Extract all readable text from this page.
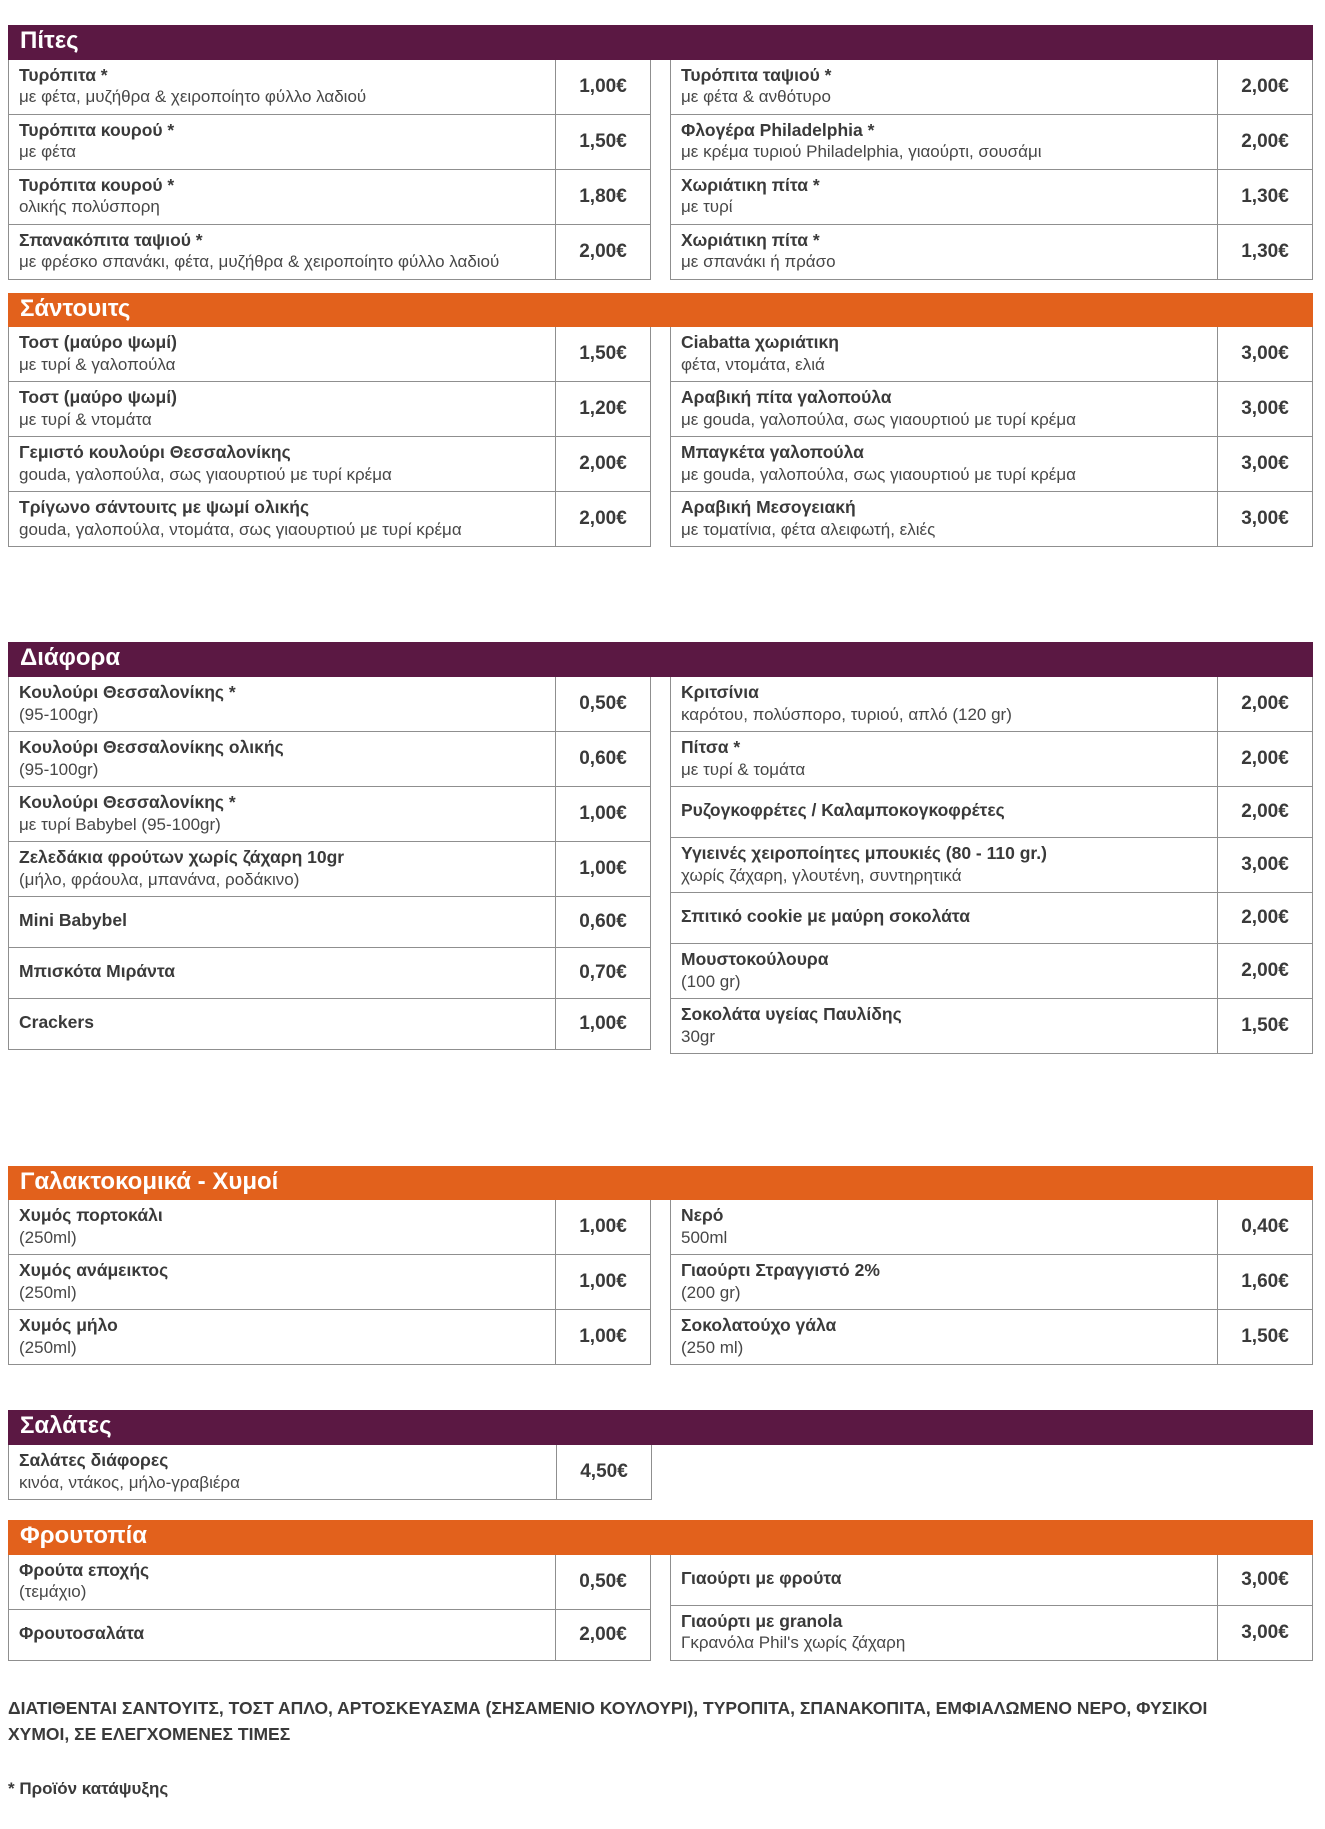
Πίτες
Τυρόπιτα *
με φέτα, μυζήθρα & χειροποίητο φύλλο λαδιού
1,00€
Τυρόπιτα κουρού *
με φέτα
1,50€
Τυρόπιτα κουρού *
ολικής πολύσπορη
1,80€
Σπανακόπιτα ταψιού *
με φρέσκο σπανάκι, φέτα, μυζήθρα & χειροποίητο φύλλο λαδιού
2,00€
Τυρόπιτα ταψιού *
με φέτα & ανθότυρο
2,00€
Φλογέρα Philadelphia *
με κρέμα τυριού Philadelphia, γιαούρτι, σουσάμι
2,00€
Χωριάτικη πίτα *
με τυρί
1,30€
Χωριάτικη πίτα *
με σπανάκι ή πράσο
1,30€
Σάντουιτς
Τοστ (μαύρο ψωμί)
με τυρί & γαλοπούλα
1,50€
Τοστ (μαύρο ψωμί)
με τυρί & ντομάτα
1,20€
Γεμιστό κουλούρι Θεσσαλονίκης
gouda, γαλοπούλα, σως γιαουρτιού με τυρί κρέμα
2,00€
Τρίγωνο σάντουιτς με ψωμί ολικής
gouda, γαλοπούλα, ντομάτα, σως γιαουρτιού με τυρί κρέμα
2,00€
Ciabatta χωριάτικη
φέτα, ντομάτα, ελιά
3,00€
Αραβική πίτα γαλοπούλα
με gouda, γαλοπούλα, σως γιαουρτιού με τυρί κρέμα
3,00€
Μπαγκέτα γαλοπούλα
με gouda, γαλοπούλα, σως γιαουρτιού με τυρί κρέμα
3,00€
Αραβική Μεσογειακή
με τοματίνια, φέτα αλειφωτή, ελιές
3,00€
Διάφορα
Κουλούρι Θεσσαλονίκης *
(95-100gr)
0,50€
Κουλούρι Θεσσαλονίκης ολικής
(95-100gr)
0,60€
Κουλούρι Θεσσαλονίκης *
με τυρί Babybel (95-100gr)
1,00€
Ζελεδάκια φρούτων χωρίς ζάχαρη 10gr
(μήλο, φράουλα, μπανάνα, ροδάκινο)
1,00€
Mini Babybel	0,60€
Μπισκότα Μιράντα	0,70€
Crackers	1,00€
Κριτσίνια
καρότου, πολύσπορο, τυριού, απλό (120 gr)
2,00€
Πίτσα *
με τυρί & τομάτα
2,00€
Ρυζογκοφρέτες / Καλαμποκογκοφρέτες	2,00€
Υγιεινές χειροποίητες μπουκιές (80 - 110 gr.)
χωρίς ζάχαρη, γλουτένη, συντηρητικά
3,00€
Σπιτικό cookie με μαύρη σοκολάτα	2,00€
Μουστοκούλουρα
(100 gr)
2,00€
Σοκολάτα υγείας Παυλίδης
30gr
1,50€
Γαλακτοκομικά - Χυμοί
Χυμός πορτοκάλι
(250ml)
1,00€
Χυμός ανάμεικτος
(250ml)
1,00€
Χυμός μήλο
(250ml)
1,00€
Νερό
500ml
0,40€
Γιαούρτι Στραγγιστό 2%
(200 gr)
1,60€
Σοκολατούχο γάλα
(250 ml)
1,50€
Σαλάτες
Σαλάτες διάφορες
κινόα, ντάκος, μήλο-γραβιέρα
4,50€
Φρουτοπία
Φρούτα εποχής
(τεμάχιο)
0,50€
Φρουτοσαλάτα	2,00€
Γιαούρτι με φρούτα	3,00€
Γιαούρτι με granola
Γκρανόλα Phil's χωρίς ζάχαρη
3,00€
ΔΙΑΤΙΘΕΝΤΑΙ ΣΑΝΤΟΥΙΤΣ, ΤΟΣΤ ΑΠΛΟ, ΑΡΤΟΣΚΕΥΑΣΜΑ (ΣΗΣΑΜΕΝΙΟ ΚΟΥΛΟΥΡΙ), ΤΥΡΟΠΙΤΑ, ΣΠΑΝΑΚΟΠΙΤΑ, ΕΜΦΙΑΛΩΜΕΝΟ ΝΕΡΟ, ΦΥΣΙΚΟΙ ΧΥΜΟΙ, ΣΕ ΕΛΕΓΧΟΜΕΝΕΣ ΤΙΜΕΣ
* Προϊόν κατάψυξης
